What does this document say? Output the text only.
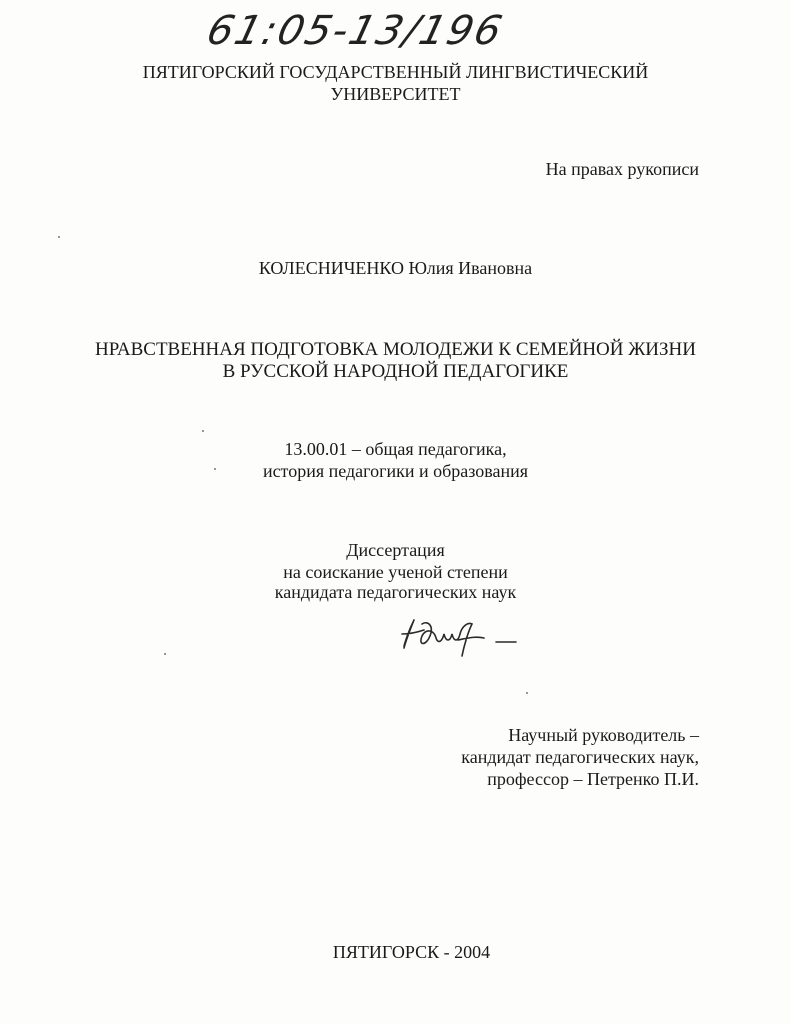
61:05-13/196
ПЯТИГОРСКИЙ ГОСУДАРСТВЕННЫЙ ЛИНГВИСТИЧЕСКИЙ
УНИВЕРСИТЕТ
На правах рукописи
КОЛЕСНИЧЕНКО Юлия Ивановна
НРАВСТВЕННАЯ ПОДГОТОВКА МОЛОДЕЖИ К СЕМЕЙНОЙ ЖИЗНИ
В РУССКОЙ НАРОДНОЙ ПЕДАГОГИКЕ
13.00.01 – общая педагогика,
история педагогики и образования
Диссертация
на соискание ученой степени
кандидата педагогических наук
Научный руководитель –
кандидат педагогических наук,
профессор – Петренко П.И.
ПЯТИГОРСК - 2004
